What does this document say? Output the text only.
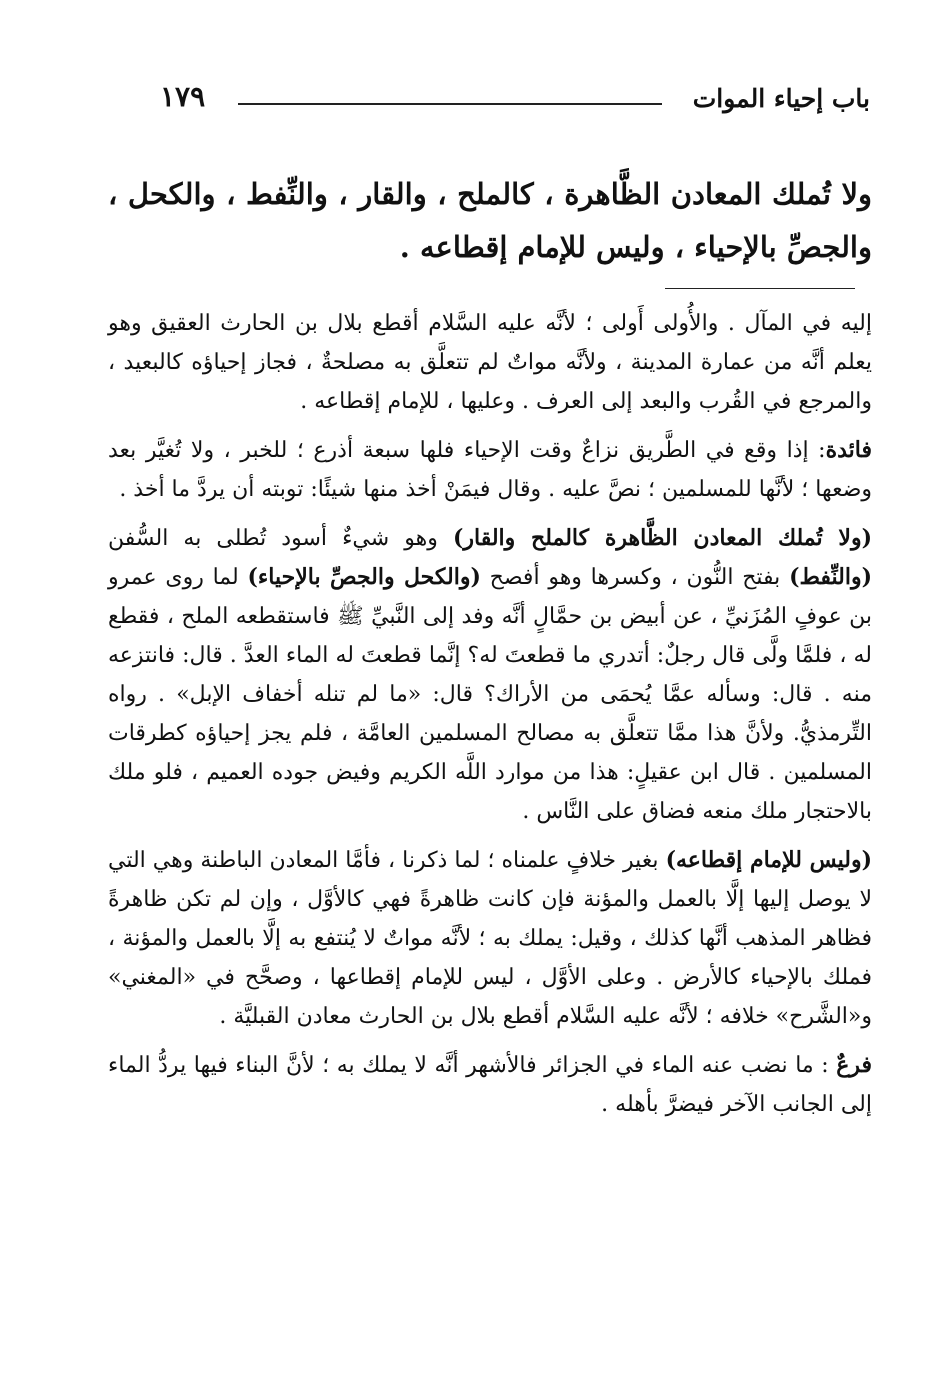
باب إحياء الموات
١٧٩
ولا تُملك المعادن الظَّاهرة ، كالملح ، والقار ، والنِّفط ، والكحل ، والجصِّ بالإحياء ، وليس للإمام إقطاعه .

إليه في المآل . والأُولى أَولى ؛ لأنَّه عليه السَّلام أقطع بلال بن الحارث العقيق وهو يعلم أنَّه من عمارة المدينة ، ولأنَّه مواتٌ لم تتعلَّق به مصلحةٌ ، فجاز إحياؤه كالبعيد ، والمرجع في القُرب والبعد إلى العرف . وعليها ، للإمام إقطاعه .

فائدة: إذا وقع في الطَّريق نزاعٌ وقت الإحياء فلها سبعة أذرع ؛ للخبر ، ولا تُغيَّر بعد وضعها ؛ لأنَّها للمسلمين ؛ نصَّ عليه . وقال فيمَنْ أخذ منها شيئًا: توبته أن يردَّ ما أخذ .

(ولا تُملك المعادن الظَّاهرة كالملح والقار) وهو شيءٌ أسود تُطلى به السُّفن (والنِّفط) بفتح النُّون ، وكسرها وهو أفصح (والكحل والجصِّ بالإحياء) لما روى عمرو بن عوفٍ المُزَنيِّ ، عن أبيض بن حمَّالٍ أنَّه وفد إلى النَّبيِّ ﷺ فاستقطعه الملح ، فقطع له ، فلمَّا ولَّى قال رجلٌ: أتدري ما قطعتَ له؟ إنَّما قطعتَ له الماء العدَّ . قال: فانتزعه منه . قال: وسأله عمَّا يُحمَى من الأراك؟ قال: «ما لم تنله أخفاف الإبل» . رواه التِّرمذيُّ. ولأنَّ هذا ممَّا تتعلَّق به مصالح المسلمين العامَّة ، فلم يجز إحياؤه كطرقات المسلمين . قال ابن عقيلٍ: هذا من موارد اللَّه الكريم وفيض جوده العميم ، فلو ملك بالاحتجار ملك منعه فضاق على النَّاس .

(وليس للإمام إقطاعه) بغير خلافٍ علمناه ؛ لما ذكرنا ، فأمَّا المعادن الباطنة وهي التي لا يوصل إليها إلَّا بالعمل والمؤنة فإن كانت ظاهرةً فهي كالأوَّل ، وإن لم تكن ظاهرةً فظاهر المذهب أنَّها كذلك ، وقيل: يملك به ؛ لأنَّه مواتٌ لا يُنتفع به إلَّا بالعمل والمؤنة ، فملك بالإحياء كالأرض . وعلى الأوَّل ، ليس للإمام إقطاعها ، وصحَّح في «المغني» و«الشَّرح» خلافه ؛ لأنَّه عليه السَّلام أقطع بلال بن الحارث معادن القبليَّة .

فرعٌ : ما نضب عنه الماء في الجزائر فالأشهر أنَّه لا يملك به ؛ لأنَّ البناء فيها يردُّ الماء إلى الجانب الآخر فيضرَّ بأهله .
